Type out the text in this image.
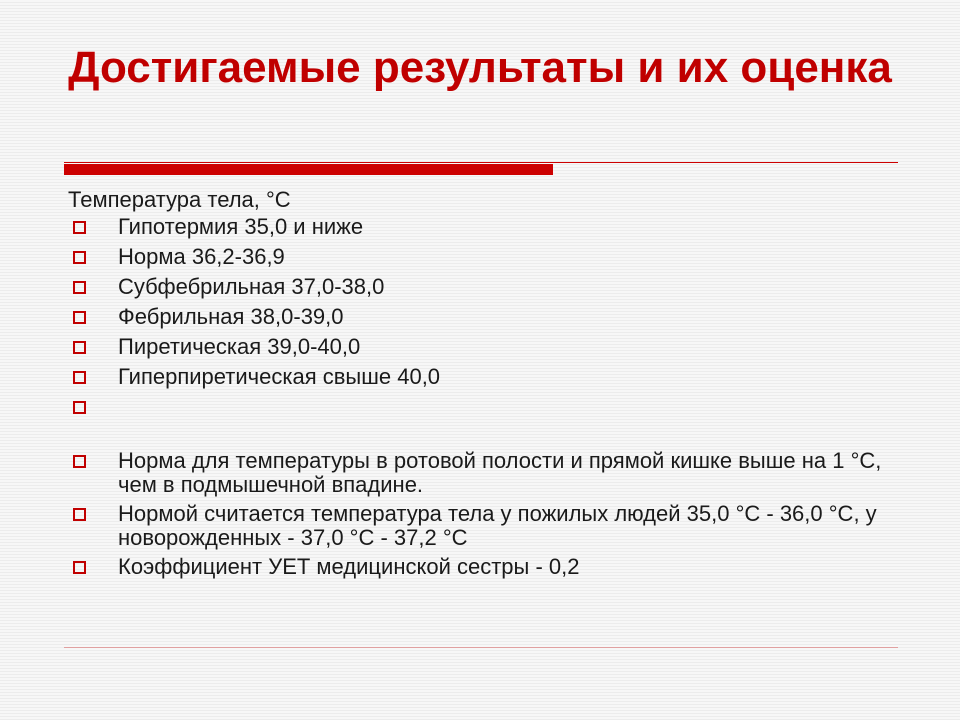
Достигаемые результаты и их оценка

Температура тела, °С

Гипотермия 35,0 и ниже
Норма 36,2-36,9
Субфебрильная 37,0-38,0
Фебрильная 38,0-39,0
Пиретическая 39,0-40,0
Гиперпиретическая свыше 40,0
Норма для температуры в ротовой полости и прямой кишке выше на 1 °С, чем в подмышечной впадине.
Нормой считается температура тела у пожилых людей 35,0 °С - 36,0 °С, у новорожденных - 37,0 °С - 37,2 °С
Коэффициент УЕТ медицинской сестры - 0,2
